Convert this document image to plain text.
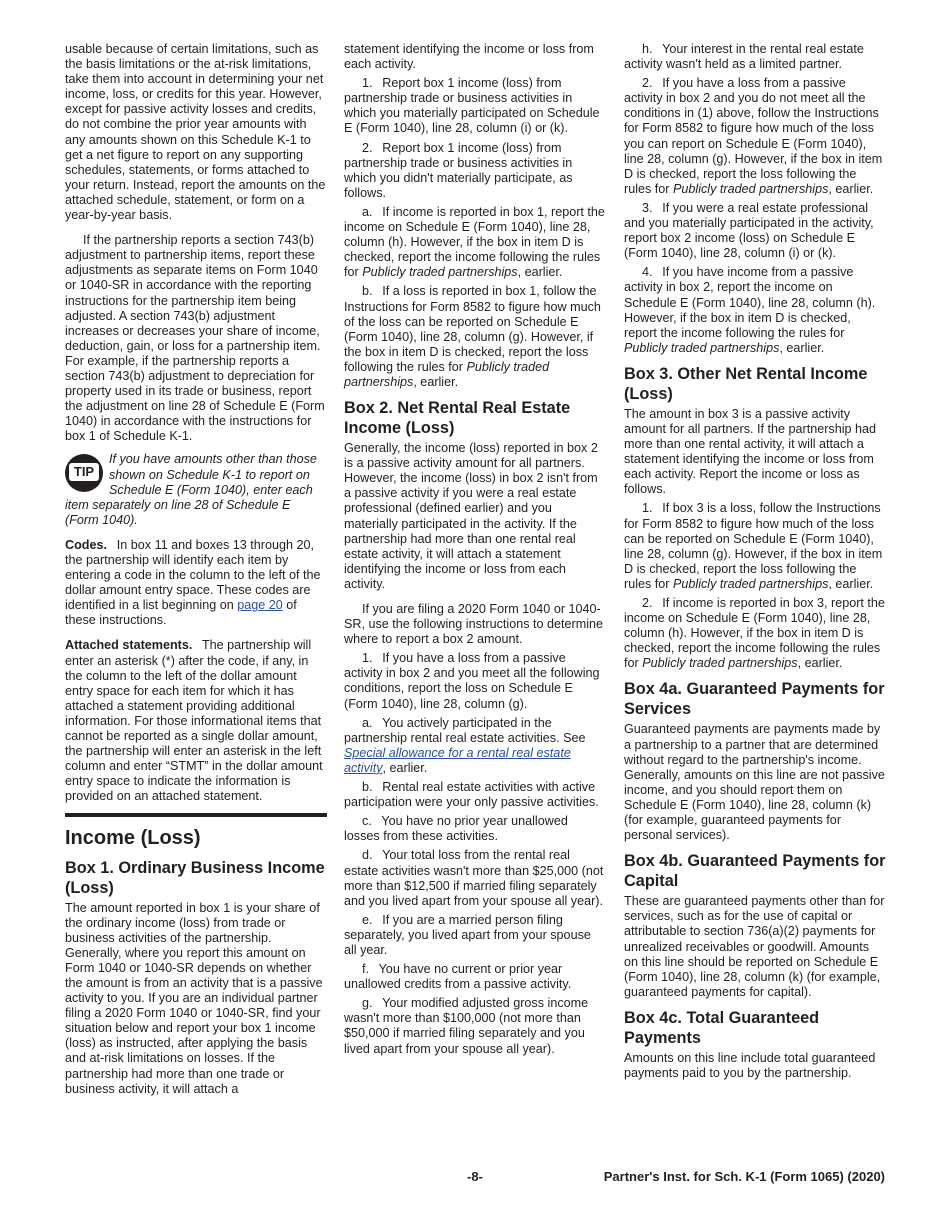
usable because of certain limitations, such as the basis limitations or the at-risk limitations, take them into account in determining your net income, loss, or credits for this year. However, except for passive activity losses and credits, do not combine the prior year amounts with any amounts shown on this Schedule K-1 to get a net figure to report on any supporting schedules, statements, or forms attached to your return. Instead, report the amounts on the attached schedule, statement, or form on a year-by-year basis.

If the partnership reports a section 743(b) adjustment to partnership items, report these adjustments as separate items on Form 1040 or 1040-SR in accordance with the reporting instructions for the partnership item being adjusted. A section 743(b) adjustment increases or decreases your share of income, deduction, gain, or loss for a partnership item. For example, if the partnership reports a section 743(b) adjustment to depreciation for property used in its trade or business, report the adjustment on line 28 of Schedule E (Form 1040) in accordance with the instructions for box 1 of Schedule K-1.

TIP
If you have amounts other than those shown on Schedule K-1 to report on Schedule E (Form 1040), enter each item separately on line 28 of Schedule E (Form 1040).

Codes.  In box 11 and boxes 13 through 20, the partnership will identify each item by entering a code in the column to the left of the dollar amount entry space. These codes are identified in a list beginning on page 20 of these instructions.

Attached statements.  The partnership will enter an asterisk (*) after the code, if any, in the column to the left of the dollar amount entry space for each item for which it has attached a statement providing additional information. For those informational items that cannot be reported as a single dollar amount, the partnership will enter an asterisk in the left column and enter “STMT” in the dollar amount entry space to indicate the information is provided on an attached statement.

Income (Loss)
Box 1. Ordinary Business Income (Loss)

The amount reported in box 1 is your share of the ordinary income (loss) from trade or business activities of the partnership. Generally, where you report this amount on Form 1040 or 1040-SR depends on whether the amount is from an activity that is a passive activity to you. If you are an individual partner filing a 2020 Form 1040 or 1040-SR, find your situation below and report your box 1 income (loss) as instructed, after applying the basis and at-risk limitations on losses. If the partnership had more than one trade or business activity, it will attach a

statement identifying the income or loss from each activity.

1.  Report box 1 income (loss) from partnership trade or business activities in which you materially participated on Schedule E (Form 1040), line 28, column (i) or (k).

2.  Report box 1 income (loss) from partnership trade or business activities in which you didn't materially participate, as follows.

a.  If income is reported in box 1, report the income on Schedule E (Form 1040), line 28, column (h). However, if the box in item D is checked, report the income following the rules for Publicly traded partnerships, earlier.

b.  If a loss is reported in box 1, follow the Instructions for Form 8582 to figure how much of the loss can be reported on Schedule E (Form 1040), line 28, column (g). However, if the box in item D is checked, report the loss following the rules for Publicly traded partnerships, earlier.

Box 2. Net Rental Real Estate Income (Loss)

Generally, the income (loss) reported in box 2 is a passive activity amount for all partners. However, the income (loss) in box 2 isn't from a passive activity if you were a real estate professional (defined earlier) and you materially participated in the activity. If the partnership had more than one rental real estate activity, it will attach a statement identifying the income or loss from each activity.

If you are filing a 2020 Form 1040 or 1040-SR, use the following instructions to determine where to report a box 2 amount.

1.  If you have a loss from a passive activity in box 2 and you meet all the following conditions, report the loss on Schedule E (Form 1040), line 28, column (g).

a.  You actively participated in the partnership rental real estate activities. See Special allowance for a rental real estate activity, earlier.

b.  Rental real estate activities with active participation were your only passive activities.

c.  You have no prior year unallowed losses from these activities.

d.  Your total loss from the rental real estate activities wasn't more than $25,000 (not more than $12,500 if married filing separately and you lived apart from your spouse all year).

e.  If you are a married person filing separately, you lived apart from your spouse all year.

f.  You have no current or prior year unallowed credits from a passive activity.

g.  Your modified adjusted gross income wasn't more than $100,000 (not more than $50,000 if married filing separately and you lived apart from your spouse all year).

h.  Your interest in the rental real estate activity wasn't held as a limited partner.

2.  If you have a loss from a passive activity in box 2 and you do not meet all the conditions in (1) above, follow the Instructions for Form 8582 to figure how much of the loss you can report on Schedule E (Form 1040), line 28, column (g). However, if the box in item D is checked, report the loss following the rules for Publicly traded partnerships, earlier.

3.  If you were a real estate professional and you materially participated in the activity, report box 2 income (loss) on Schedule E (Form 1040), line 28, column (i) or (k).

4.  If you have income from a passive activity in box 2, report the income on Schedule E (Form 1040), line 28, column (h). However, if the box in item D is checked, report the income following the rules for Publicly traded partnerships, earlier.

Box 3. Other Net Rental Income (Loss)

The amount in box 3 is a passive activity amount for all partners. If the partnership had more than one rental activity, it will attach a statement identifying the income or loss from each activity. Report the income or loss as follows.

1.  If box 3 is a loss, follow the Instructions for Form 8582 to figure how much of the loss can be reported on Schedule E (Form 1040), line 28, column (g). However, if the box in item D is checked, report the loss following the rules for Publicly traded partnerships, earlier.

2.  If income is reported in box 3, report the income on Schedule E (Form 1040), line 28, column (h). However, if the box in item D is checked, report the income following the rules for Publicly traded partnerships, earlier.

Box 4a. Guaranteed Payments for Services

Guaranteed payments are payments made by a partnership to a partner that are determined without regard to the partnership's income. Generally, amounts on this line are not passive income, and you should report them on Schedule E (Form 1040), line 28, column (k) (for example, guaranteed payments for personal services).

Box 4b. Guaranteed Payments for Capital

These are guaranteed payments other than for services, such as for the use of capital or attributable to section 736(a)(2) payments for unrealized receivables or goodwill. Amounts on this line should be reported on Schedule E (Form 1040), line 28, column (k) (for example, guaranteed payments for capital).

Box 4c. Total Guaranteed Payments

Amounts on this line include total guaranteed payments paid to you by the partnership.

-8-	Partner's Inst. for Sch. K-1 (Form 1065) (2020)
